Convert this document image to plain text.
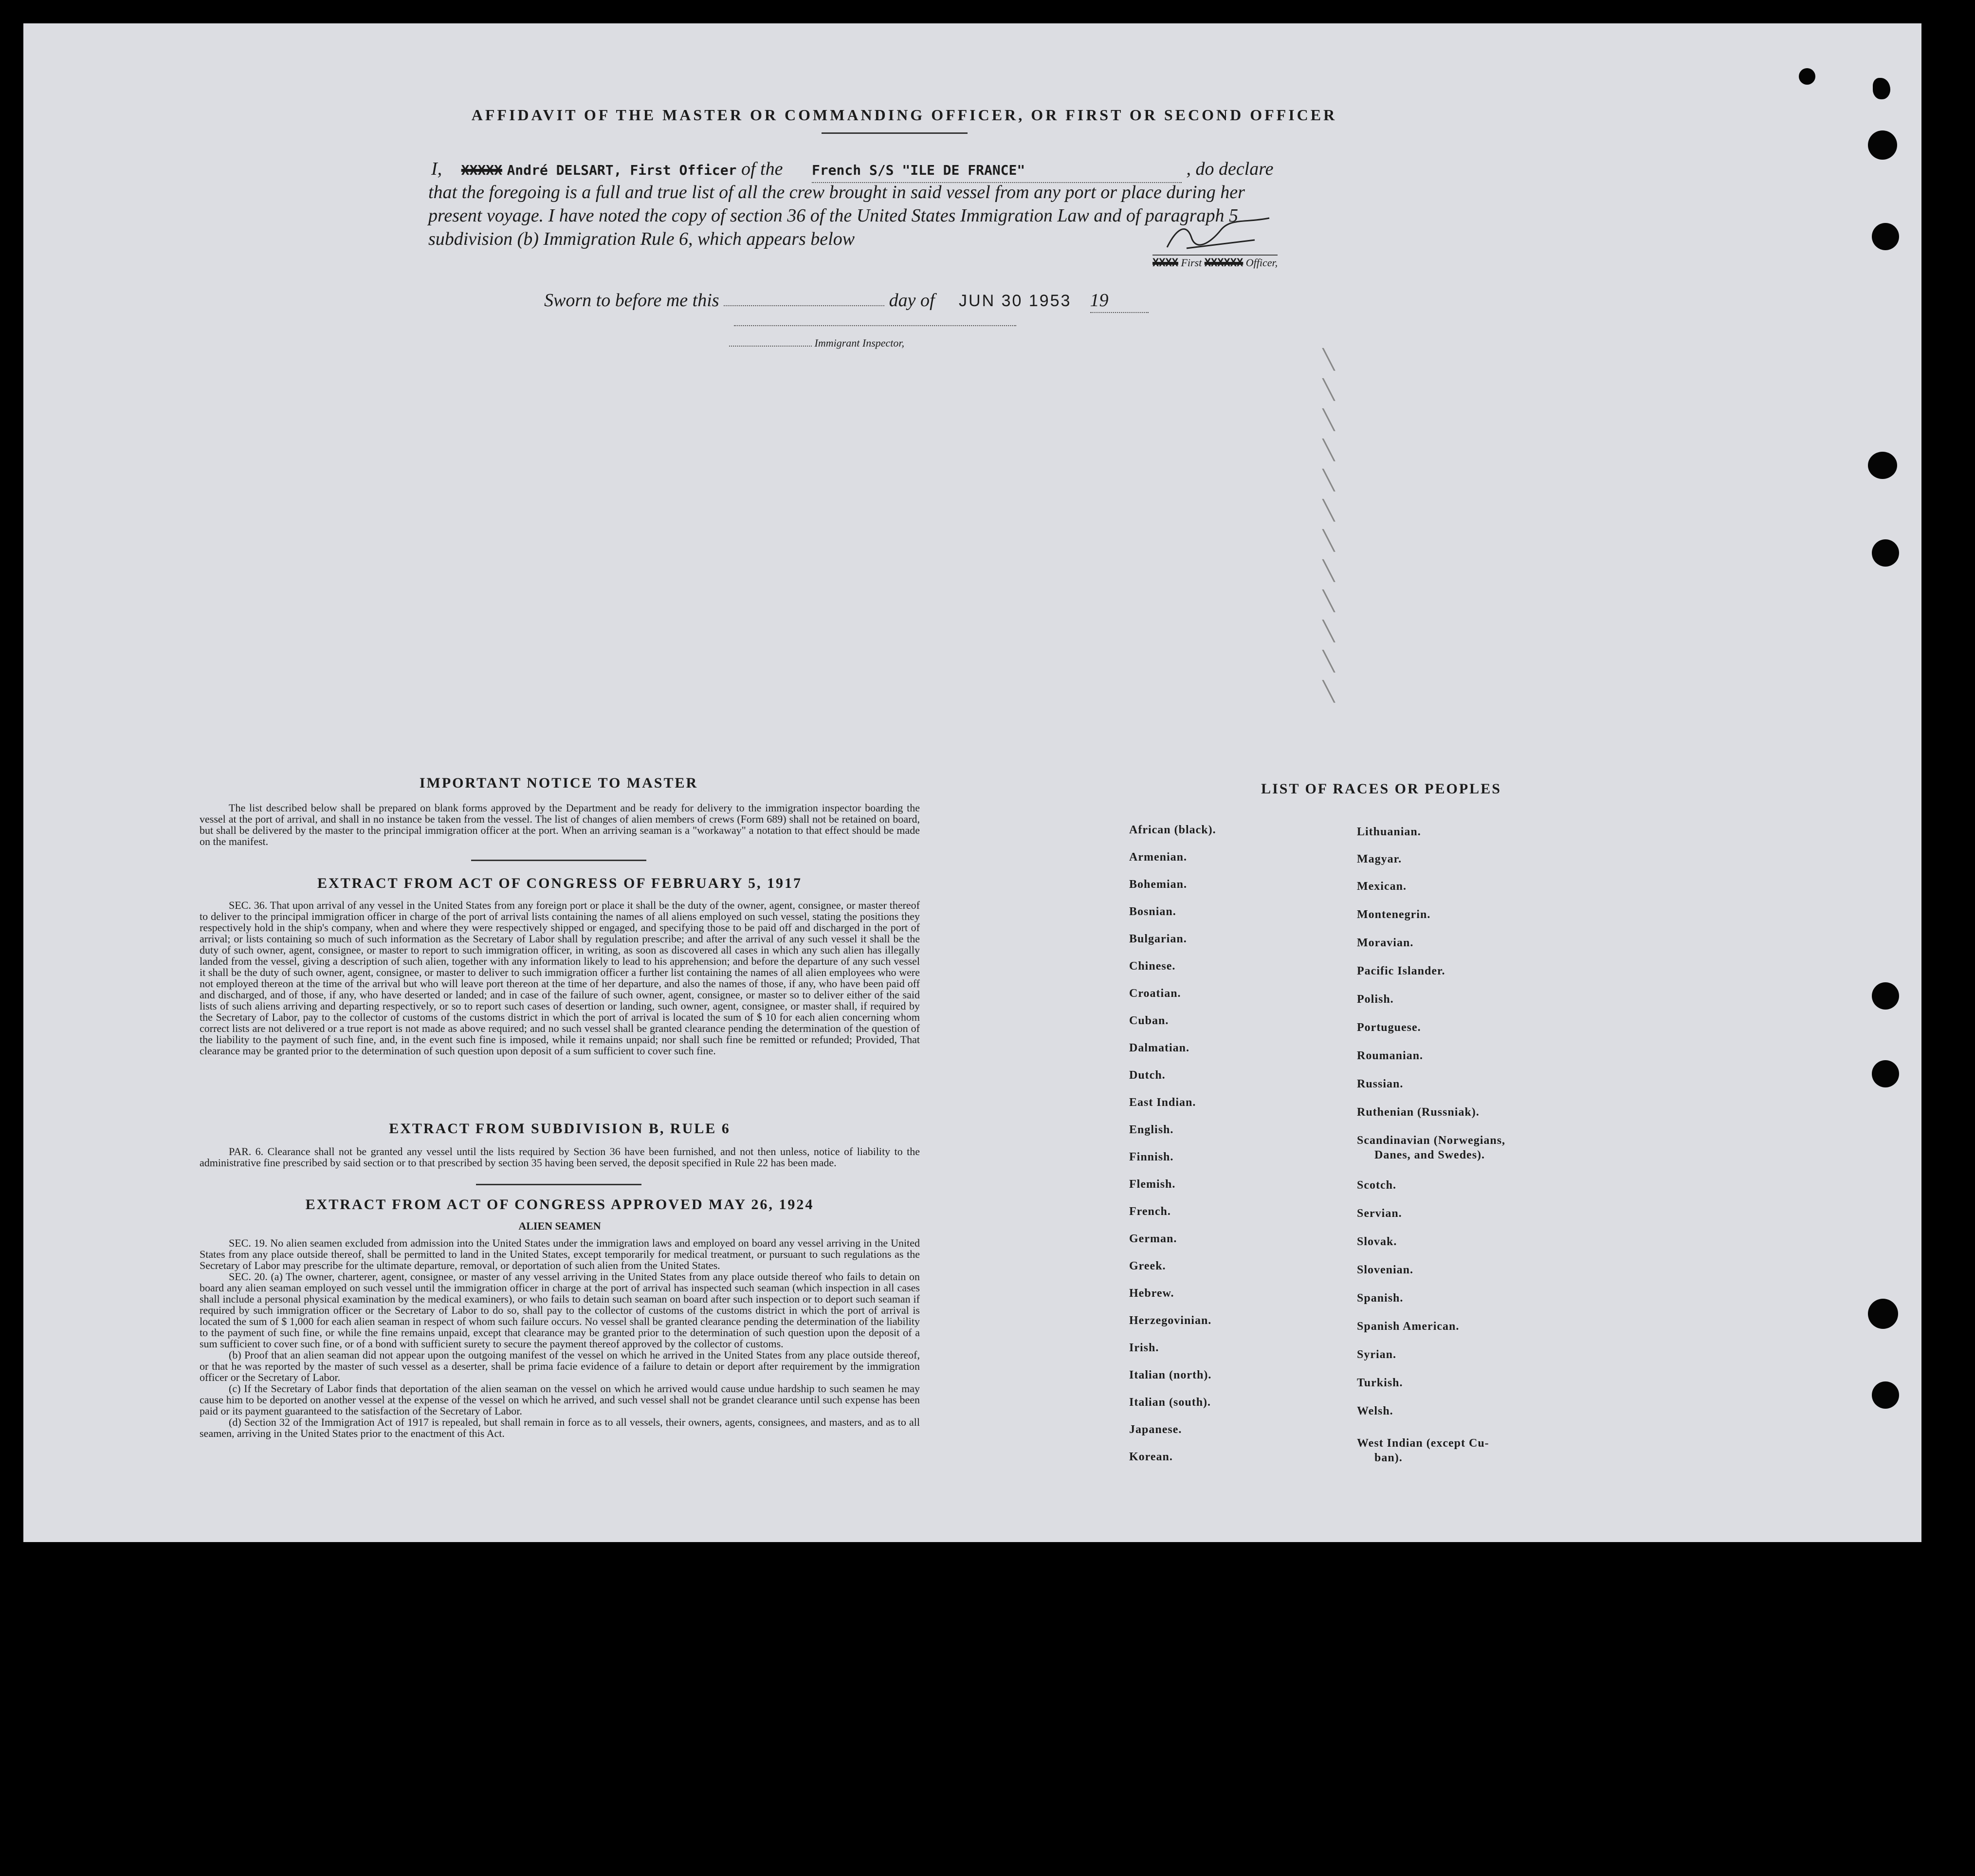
AFFIDAVIT OF THE MASTER OR COMMANDING OFFICER, OR FIRST OR SECOND OFFICER
I, XXXXX André DELSART, First Officer of the French S/S "ILE DE FRANCE"	, do declare
that the foregoing is a full and true list of all the crew brought in said vessel from any port or place during her
present voyage. I have noted the copy of section 36 of the United States Immigration Law and of paragraph 5
subdivision (b) Immigration Rule 6, which appears below
XXXX First XXXXXX Officer,
Sworn to before me this	day of JUN 30 1953 19
Immigrant Inspector,
╲
╲
╲
╲
╲
╲
╲
╲
╲
╲
╲
╲
IMPORTANT NOTICE TO MASTER

The list described below shall be prepared on blank forms approved by the Department and be ready for delivery to the immigration inspector boarding the vessel at the port of arrival, and shall in no instance be taken from the vessel. The list of changes of alien members of crews (Form 689) shall not be retained on board, but shall be delivered by the master to the principal immigration officer at the port. When an arriving seaman is a "workaway" a notation to that effect should be made on the manifest.

EXTRACT FROM ACT OF CONGRESS OF FEBRUARY 5, 1917

SEC. 36. That upon arrival of any vessel in the United States from any foreign port or place it shall be the duty of the owner, agent, consignee, or master thereof to deliver to the principal immigration officer in charge of the port of arrival lists containing the names of all aliens employed on such vessel, stating the positions they respectively hold in the ship's company, when and where they were respectively shipped or engaged, and specifying those to be paid off and discharged in the port of arrival; or lists containing so much of such information as the Secretary of Labor shall by regulation prescribe; and after the arrival of any such vessel it shall be the duty of such owner, agent, consignee, or master to report to such immigration officer, in writing, as soon as discovered all cases in which any such alien has illegally landed from the vessel, giving a description of such alien, together with any information likely to lead to his apprehension; and before the departure of any such vessel it shall be the duty of such owner, agent, consignee, or master to deliver to such immigration officer a further list containing the names of all alien employees who were not employed thereon at the time of the arrival but who will leave port thereon at the time of her departure, and also the names of those, if any, who have been paid off and discharged, and of those, if any, who have deserted or landed; and in case of the failure of such owner, agent, consignee, or master so to deliver either of the said lists of such aliens arriving and departing respectively, or so to report such cases of desertion or landing, such owner, agent, consignee, or master shall, if required by the Secretary of Labor, pay to the collector of customs of the customs district in which the port of arrival is located the sum of $ 10 for each alien concerning whom correct lists are not delivered or a true report is not made as above required; and no such vessel shall be granted clearance pending the determination of the question of the liability to the payment of such fine, and, in the event such fine is imposed, while it remains unpaid; nor shall such fine be remitted or refunded; Provided, That clearance may be granted prior to the determination of such question upon deposit of a sum sufficient to cover such fine.

EXTRACT FROM SUBDIVISION B, RULE 6

PAR. 6. Clearance shall not be granted any vessel until the lists required by Section 36 have been furnished, and not then unless, notice of liability to the administrative fine prescribed by said section or to that prescribed by section 35 having been served, the deposit specified in Rule 22 has been made.

EXTRACT FROM ACT OF CONGRESS APPROVED MAY 26, 1924
ALIEN SEAMEN

SEC. 19. No alien seamen excluded from admission into the United States under the immigration laws and employed on board any vessel arriving in the United States from any place outside thereof, shall be permitted to land in the United States, except temporarily for medical treatment, or pursuant to such regulations as the Secretary of Labor may prescribe for the ultimate departure, removal, or deportation of such alien from the United States.

SEC. 20. (a) The owner, charterer, agent, consignee, or master of any vessel arriving in the United States from any place outside thereof who fails to detain on board any alien seaman employed on such vessel until the immigration officer in charge at the port of arrival has inspected such seaman (which inspection in all cases shall include a personal physical examination by the medical examiners), or who fails to detain such seaman on board after such inspection or to deport such seaman if required by such immigration officer or the Secretary of Labor to do so, shall pay to the collector of customs of the customs district in which the port of arrival is located the sum of $ 1,000 for each alien seaman in respect of whom such failure occurs. No vessel shall be granted clearance pending the determination of the liability to the payment of such fine, or while the fine remains unpaid, except that clearance may be granted prior to the determination of such question upon the deposit of a sum sufficient to cover such fine, or of a bond with sufficient surety to secure the payment thereof approved by the collector of customs.

(b) Proof that an alien seaman did not appear upon the outgoing manifest of the vessel on which he arrived in the United States from any place outside thereof, or that he was reported by the master of such vessel as a deserter, shall be prima facie evidence of a failure to detain or deport after requirement by the immigration officer or the Secretary of Labor.

(c) If the Secretary of Labor finds that deportation of the alien seaman on the vessel on which he arrived would cause undue hardship to such seamen he may cause him to be deported on another vessel at the expense of the vessel on which he arrived, and such vessel shall not be grandet clearance until such expense has been paid or its payment guaranteed to the satisfaction of the Secretary of Labor.

(d) Section 32 of the Immigration Act of 1917 is repealed, but shall remain in force as to all vessels, their owners, agents, consignees, and masters, and as to all seamen, arriving in the United States prior to the enactment of this Act.

LIST OF RACES OR PEOPLES
African (black).
Armenian.
Bohemian.
Bosnian.
Bulgarian.
Chinese.
Croatian.
Cuban.
Dalmatian.
Dutch.
East Indian.
English.
Finnish.
Flemish.
French.
German.
Greek.
Hebrew.
Herzegovinian.
Irish.
Italian (north).
Italian (south).
Japanese.
Korean.
Lithuanian.
Magyar.
Mexican.
Montenegrin.
Moravian.
Pacific Islander.
Polish.
Portuguese.
Roumanian.
Russian.
Ruthenian (Russniak).
Scandinavian (Norwegians,
Danes, and Swedes).
Scotch.
Servian.
Slovak.
Slovenian.
Spanish.
Spanish American.
Syrian.
Turkish.
Welsh.
West Indian (except Cu-
ban).
